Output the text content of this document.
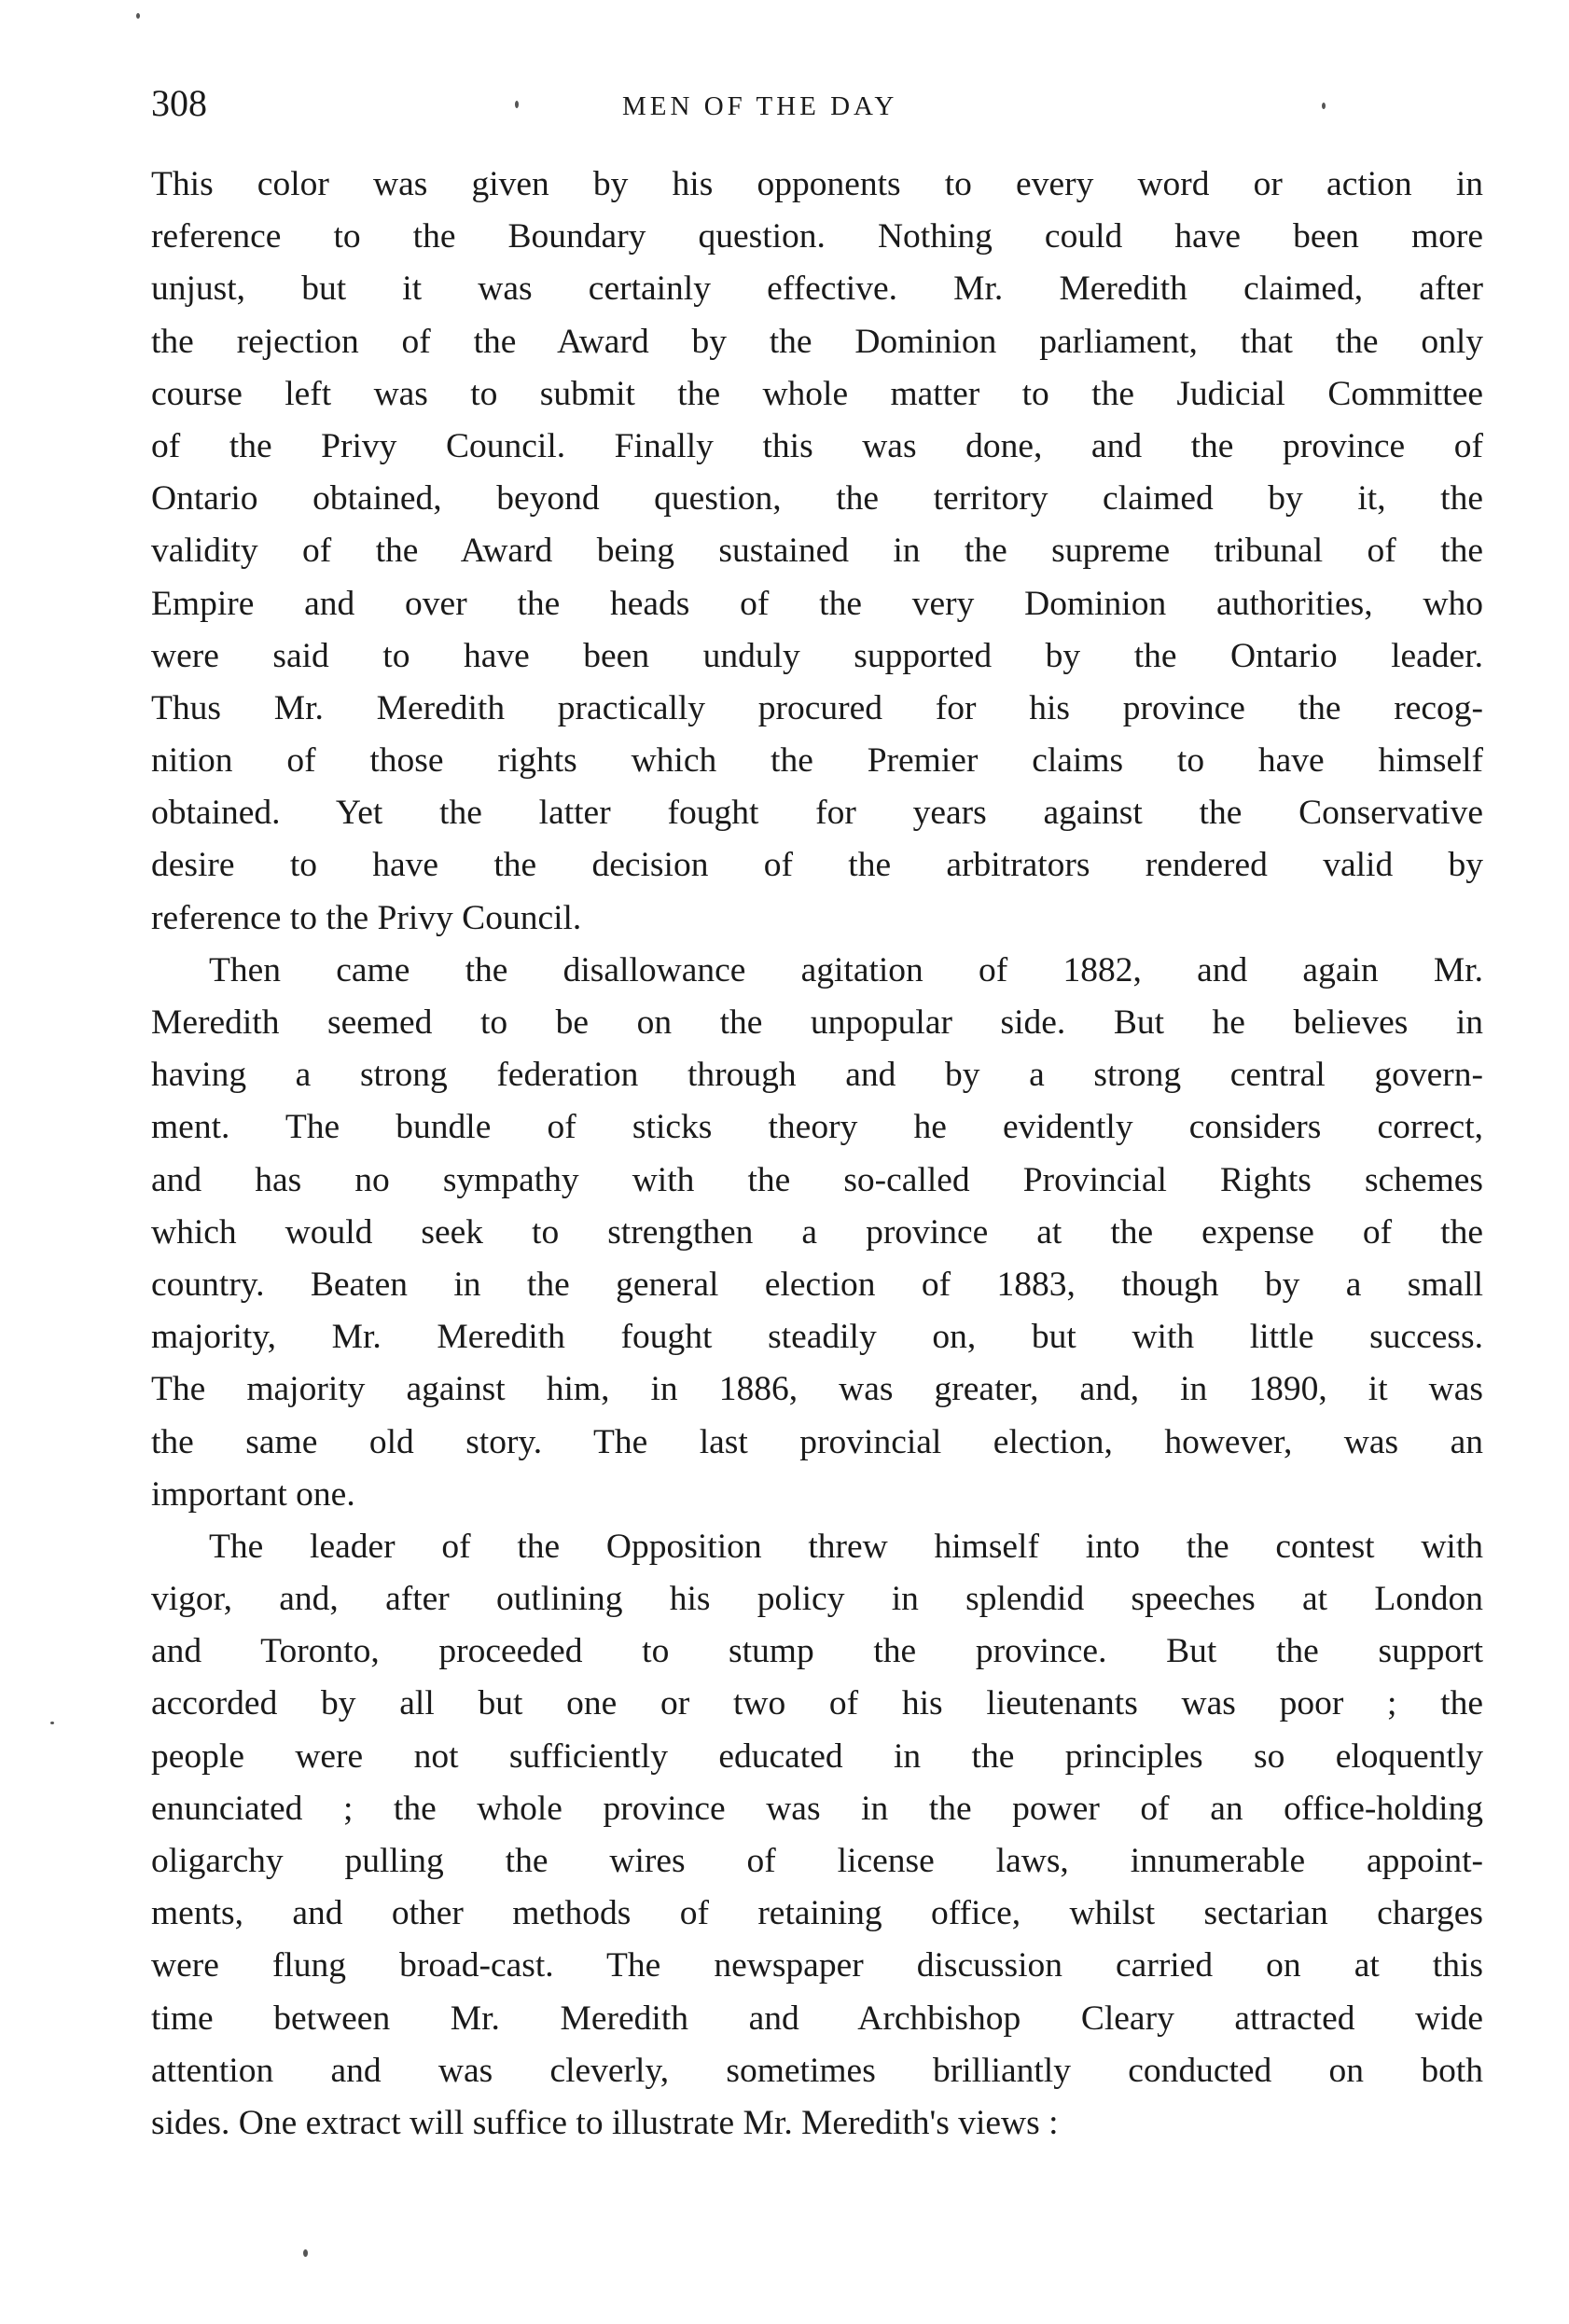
308	MEN OF THE DAY
This color was given by his opponents to every word or action in
reference to the Boundary question. Nothing could have been more
unjust, but it was certainly effective. Mr. Meredith claimed, after
the rejection of the Award by the Dominion parliament, that the only
course left was to submit the whole matter to the Judicial Committee
of the Privy Council. Finally this was done, and the province of
Ontario obtained, beyond question, the territory claimed by it, the
validity of the Award being sustained in the supreme tribunal of the
Empire and over the heads of the very Dominion authorities, who
were said to have been unduly supported by the Ontario leader.
Thus Mr. Meredith practically procured for his province the recog-
nition of those rights which the Premier claims to have himself
obtained. Yet the latter fought for years against the Conservative
desire to have the decision of the arbitrators rendered valid by
reference to the Privy Council.
Then came the disallowance agitation of 1882, and again Mr.
Meredith seemed to be on the unpopular side. But he believes in
having a strong federation through and by a strong central govern-
ment. The bundle of sticks theory he evidently considers correct,
and has no sympathy with the so-called Provincial Rights schemes
which would seek to strengthen a province at the expense of the
country. Beaten in the general election of 1883, though by a small
majority, Mr. Meredith fought steadily on, but with little success.
The majority against him, in 1886, was greater, and, in 1890, it was
the same old story. The last provincial election, however, was an
important one.
The leader of the Opposition threw himself into the contest with
vigor, and, after outlining his policy in splendid speeches at London
and Toronto, proceeded to stump the province. But the support
accorded by all but one or two of his lieutenants was poor ; the
people were not sufficiently educated in the principles so eloquently
enunciated ; the whole province was in the power of an office-holding
oligarchy pulling the wires of license laws, innumerable appoint-
ments, and other methods of retaining office, whilst sectarian charges
were flung broad-cast. The newspaper discussion carried on at this
time between Mr. Meredith and Archbishop Cleary attracted wide
attention and was cleverly, sometimes brilliantly conducted on both
sides. One extract will suffice to illustrate Mr. Meredith's views :
